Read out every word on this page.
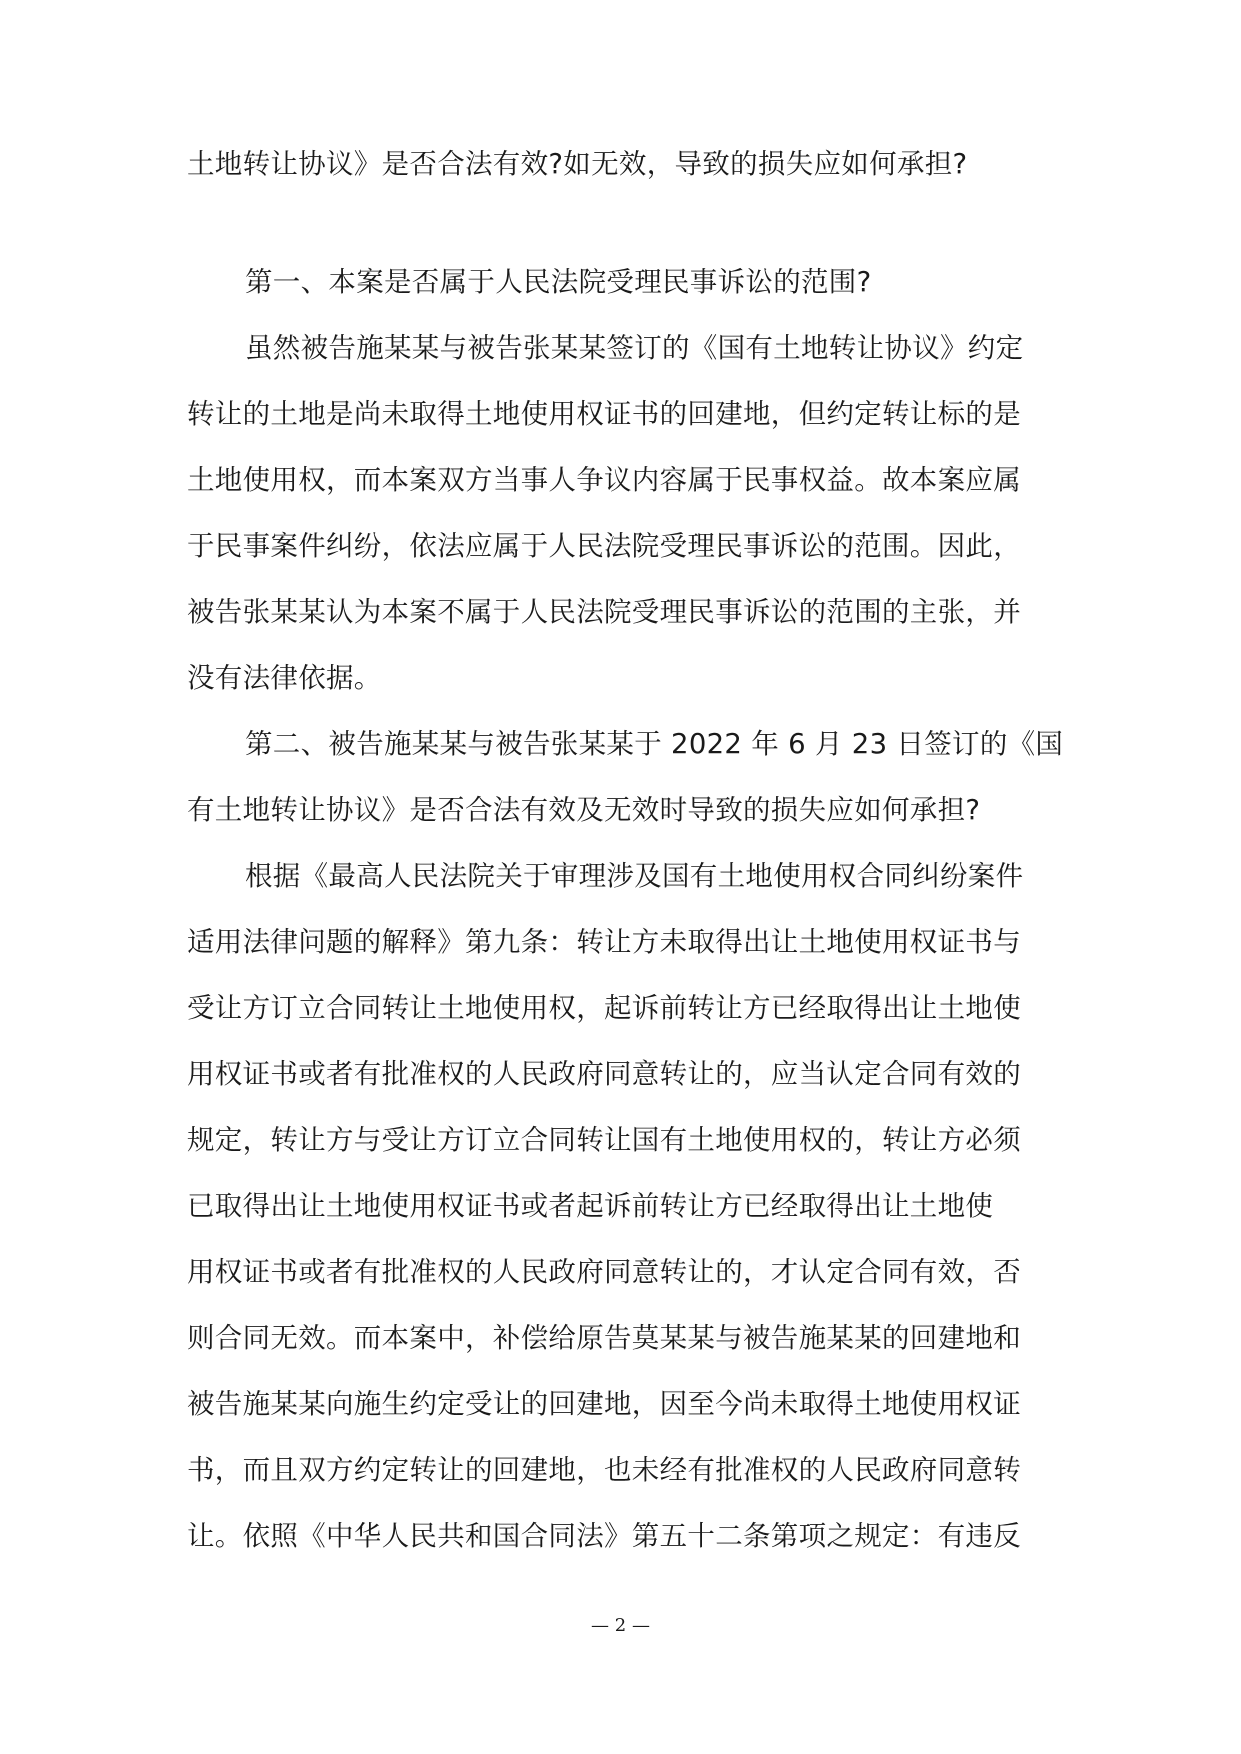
土地转让协议》是否合法有效?如无效，导致的损失应如何承担?
第一、本案是否属于人民法院受理民事诉讼的范围?
虽然被告施某某与被告张某某签订的《国有土地转让协议》约定
转让的土地是尚未取得土地使用权证书的回建地，但约定转让标的是
土地使用权，而本案双方当事人争议内容属于民事权益。故本案应属
于民事案件纠纷，依法应属于人民法院受理民事诉讼的范围。因此，
被告张某某认为本案不属于人民法院受理民事诉讼的范围的主张，并
没有法律依据。
第二、被告施某某与被告张某某于 2022 年 6 月 23 日签订的《国
有土地转让协议》是否合法有效及无效时导致的损失应如何承担?
根据《最高人民法院关于审理涉及国有土地使用权合同纠纷案件
适用法律问题的解释》第九条：转让方未取得出让土地使用权证书与
受让方订立合同转让土地使用权，起诉前转让方已经取得出让土地使
用权证书或者有批准权的人民政府同意转让的，应当认定合同有效的
规定，转让方与受让方订立合同转让国有土地使用权的，转让方必须
已取得出让土地使用权证书或者起诉前转让方已经取得出让土地使
用权证书或者有批准权的人民政府同意转让的，才认定合同有效，否
则合同无效。而本案中，补偿给原告莫某某与被告施某某的回建地和
被告施某某向施生约定受让的回建地，因至今尚未取得土地使用权证
书，而且双方约定转让的回建地，也未经有批准权的人民政府同意转
让。依照《中华人民共和国合同法》第五十二条第项之规定：有违反
— 2 —
